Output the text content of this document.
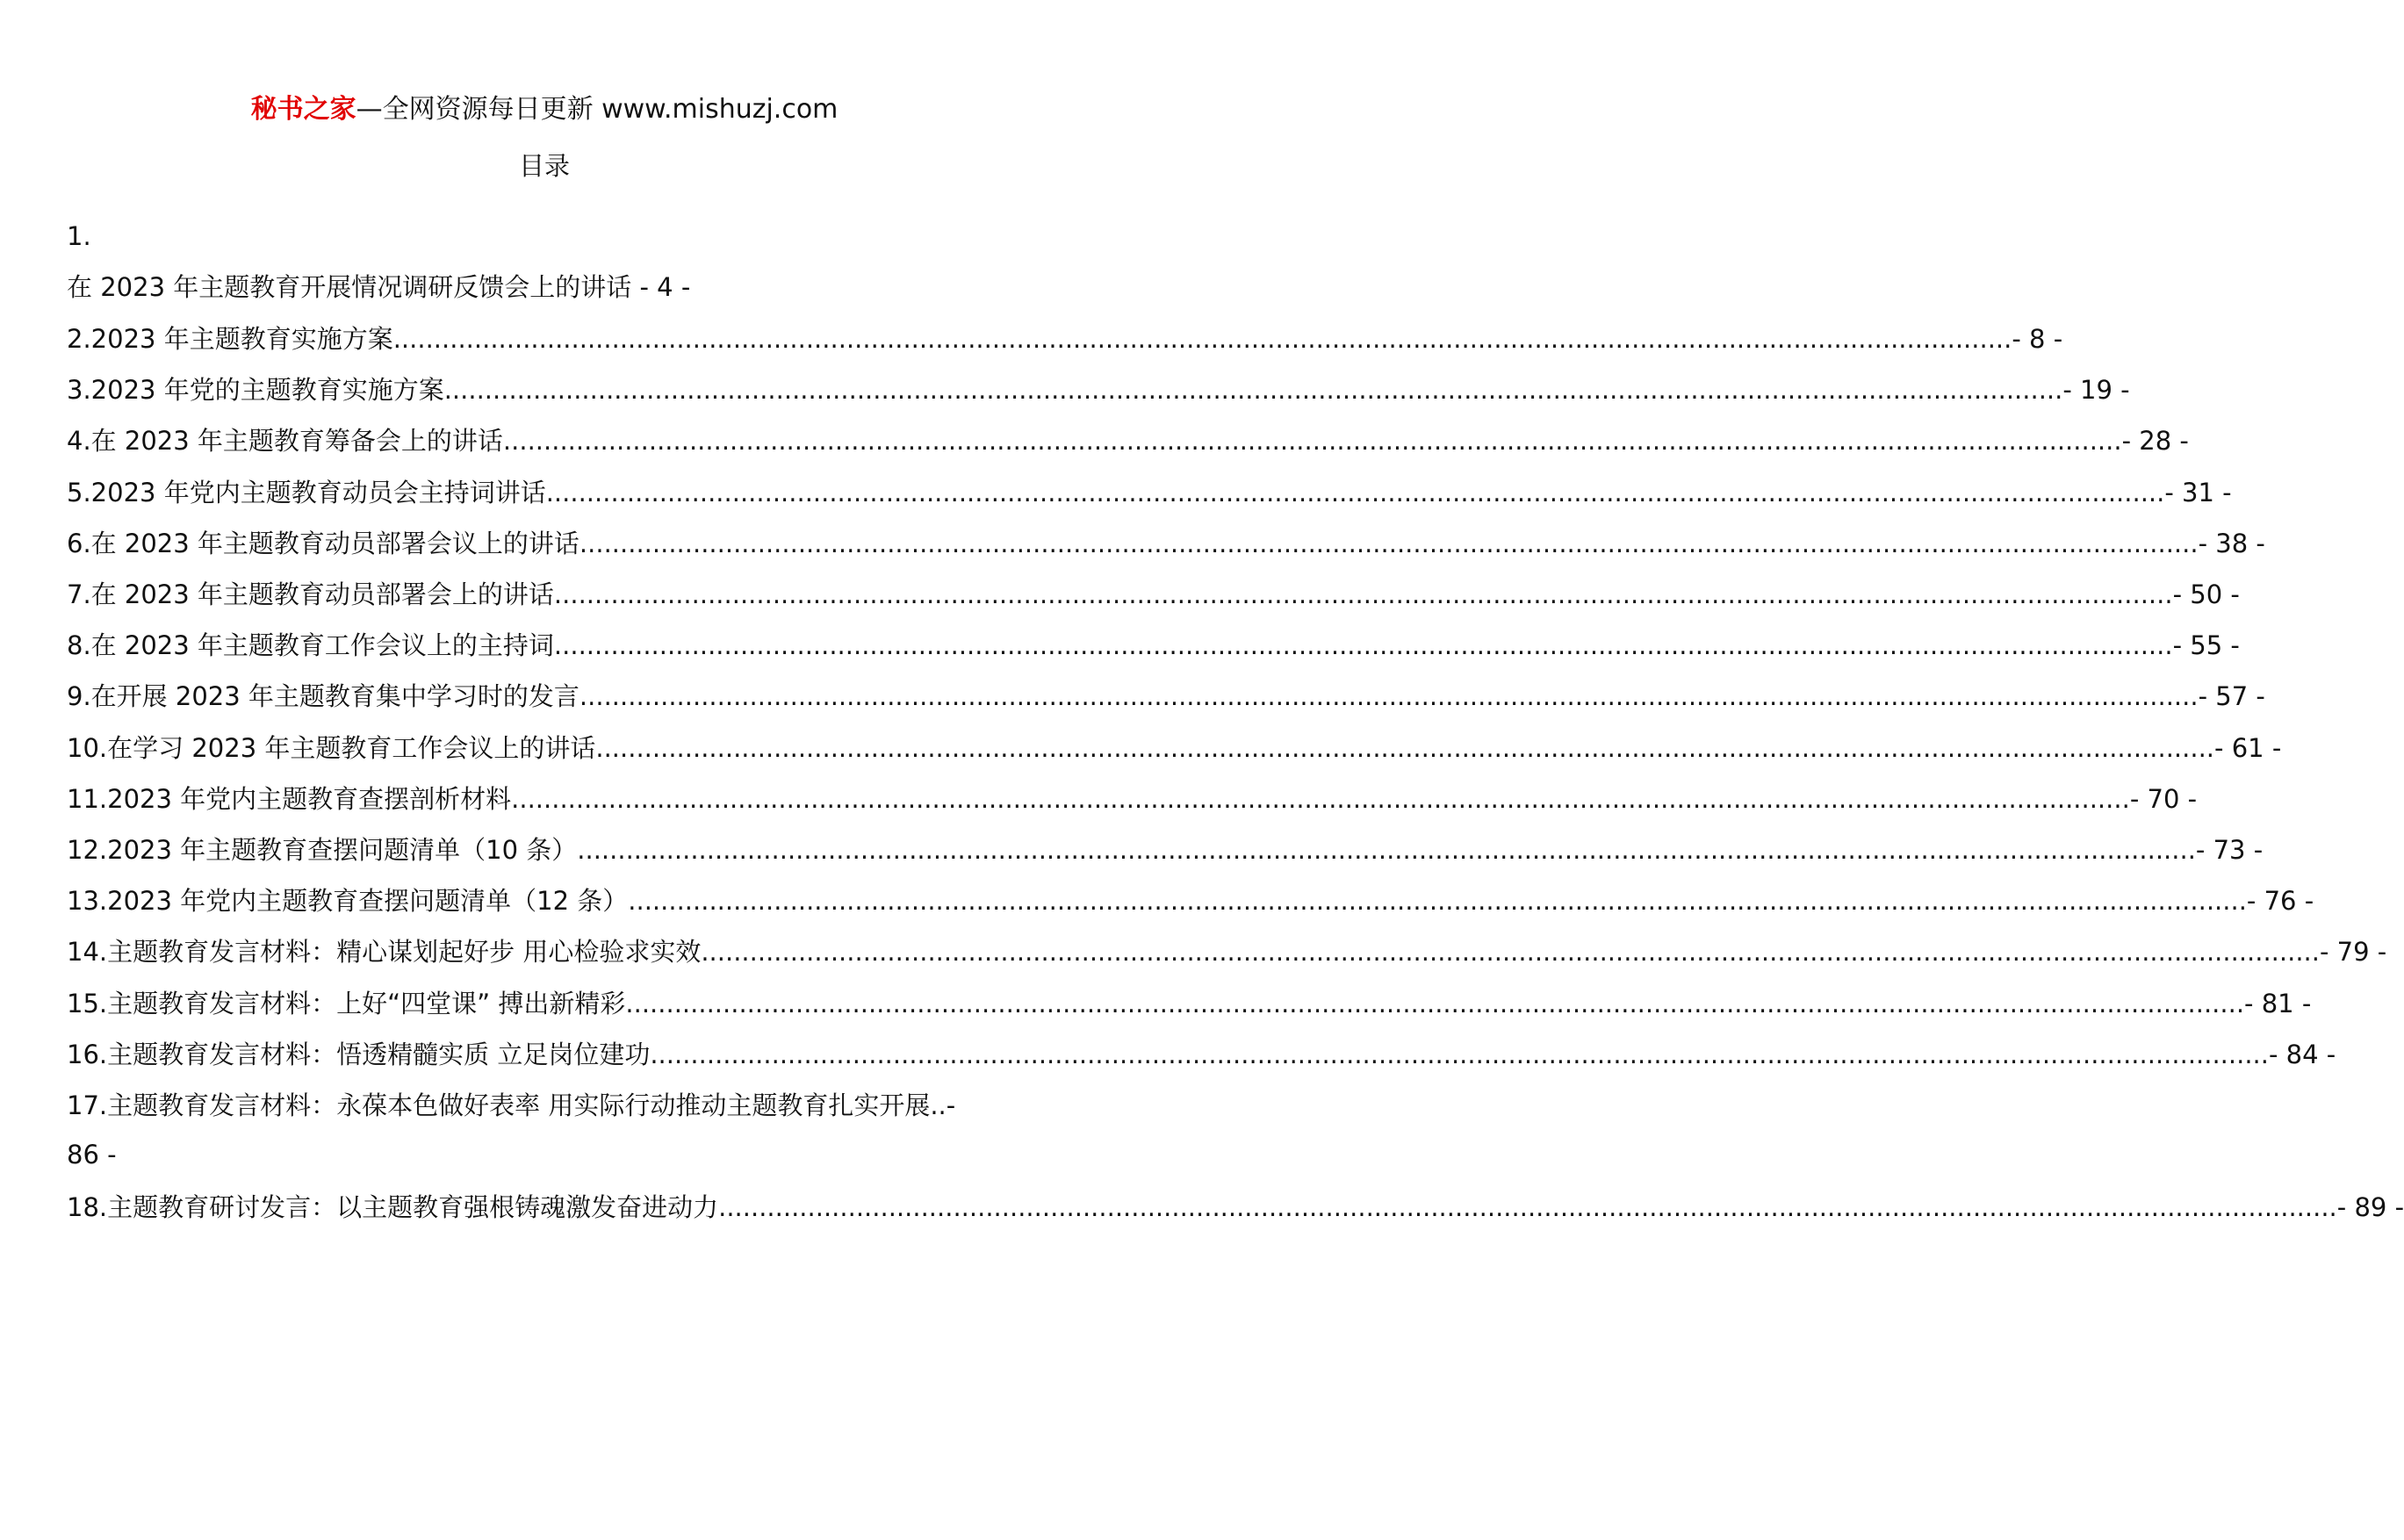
秘书之家—全网资源每日更新 www.mishuzj.com
目录
1.
在 2023 年主题教育开展情况调研反馈会上的讲话 - 4 -
2.2023 年主题教育实施方案 ........................................................................................................................................................................................................ - 8 -
3.2023 年党的主题教育实施方案 ........................................................................................................................................................................................................ - 19 -
4.在 2023 年主题教育筹备会上的讲话 ........................................................................................................................................................................................................ - 28 -
5.2023 年党内主题教育动员会主持词讲话 ........................................................................................................................................................................................................ - 31 -
6.在 2023 年主题教育动员部署会议上的讲话 ........................................................................................................................................................................................................ - 38 -
7.在 2023 年主题教育动员部署会上的讲话 ........................................................................................................................................................................................................ - 50 -
8.在 2023 年主题教育工作会议上的主持词 ........................................................................................................................................................................................................ - 55 -
9.在开展 2023 年主题教育集中学习时的发言 ........................................................................................................................................................................................................ - 57 -
10.在学习 2023 年主题教育工作会议上的讲话 ........................................................................................................................................................................................................ - 61 -
11.2023 年党内主题教育查摆剖析材料 ........................................................................................................................................................................................................ - 70 -
12.2023 年主题教育查摆问题清单（10 条） ........................................................................................................................................................................................................ - 73 -
13.2023 年党内主题教育查摆问题清单（12 条） ........................................................................................................................................................................................................ - 76 -
14.主题教育发言材料：精心谋划起好步 用心检验求实效 ........................................................................................................................................................................................................ - 79 -
15.主题教育发言材料：上好“四堂课” 搏出新精彩 ........................................................................................................................................................................................................ - 81 -
16.主题教育发言材料：悟透精髓实质 立足岗位建功 ........................................................................................................................................................................................................ - 84 -
17.主题教育发言材料：永葆本色做好表率 用实际行动推动主题教育扎实开展..-
86 -
18.主题教育研讨发言：以主题教育强根铸魂激发奋进动力 ........................................................................................................................................................................................................ - 89 -
